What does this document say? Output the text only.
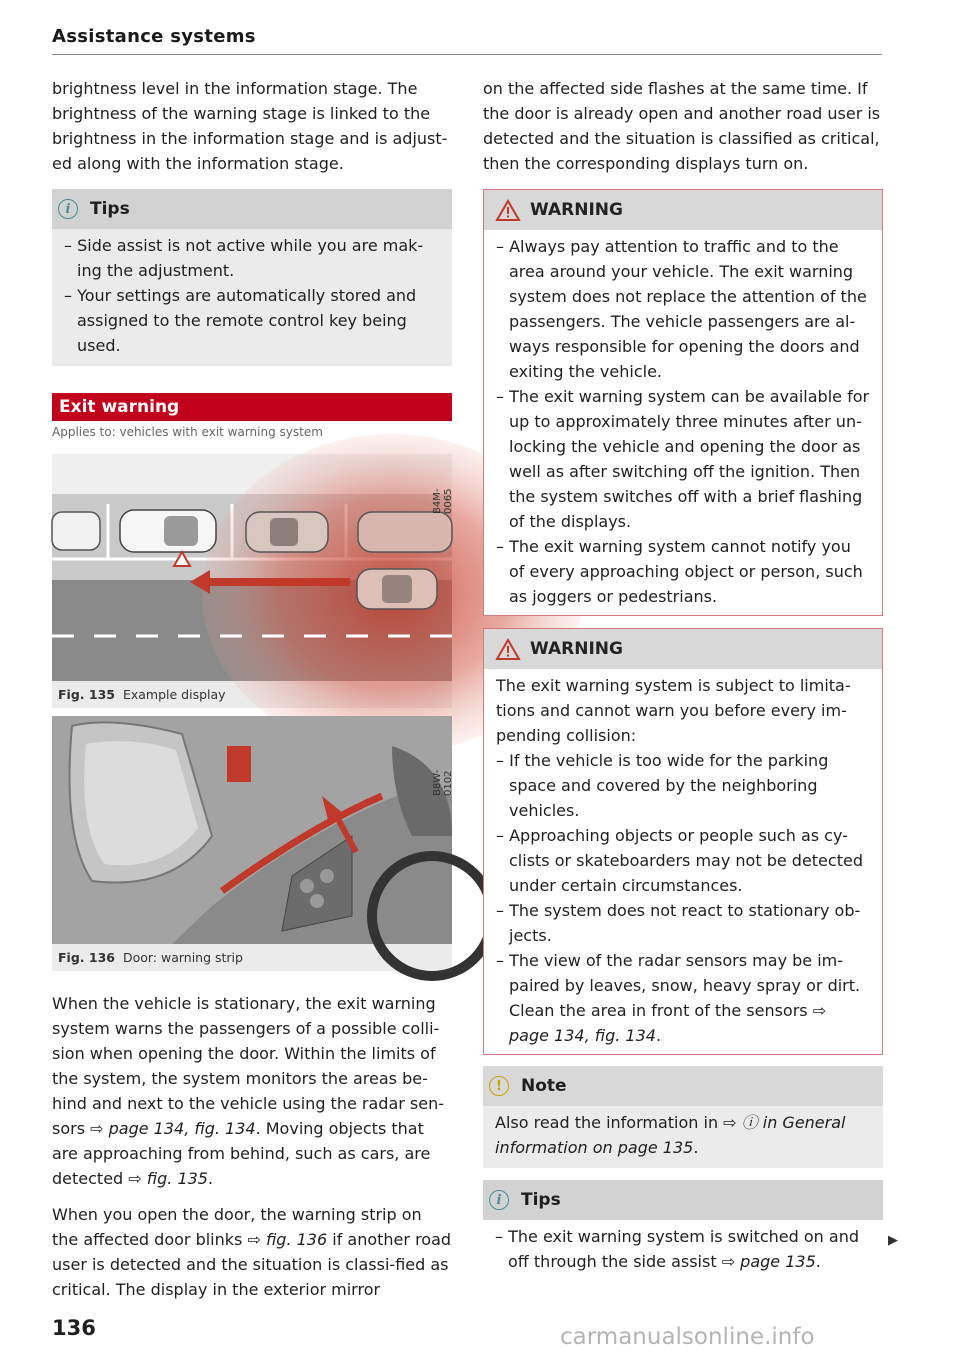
Assistance systems

brightness level in the information stage. The brightness of the warning stage is linked to the brightness in the information stage and is adjust-ed along with the information stage.

i	Tips
– Side assist is not active while you are mak-ing the adjustment.
– Your settings are automatically stored and assigned to the remote control key being used.
Exit warning
Applies to: vehicles with exit warning system
B4M-0065
Fig. 135 Example display
B8W-0102
Fig. 136 Door: warning strip

When the vehicle is stationary, the exit warning system warns the passengers of a possible colli-sion when opening the door. Within the limits of the system, the system monitors the areas be-hind and next to the vehicle using the radar sen-sors ⇨ page 134, fig. 134. Moving objects that are approaching from behind, such as cars, are detected ⇨ fig. 135.

When you open the door, the warning strip on the affected door blinks ⇨ fig. 136 if another road user is detected and the situation is classi-fied as critical. The display in the exterior mirror

on the affected side flashes at the same time. If the door is already open and another road user is detected and the situation is classified as critical, then the corresponding displays turn on.

WARNING
– Always pay attention to traffic and to the area around your vehicle. The exit warning system does not replace the attention of the passengers. The vehicle passengers are al-ways responsible for opening the doors and exiting the vehicle.
– The exit warning system can be available for up to approximately three minutes after un-locking the vehicle and opening the door as well as after switching off the ignition. Then the system switches off with a brief flashing of the displays.
– The exit warning system cannot notify you of every approaching object or person, such as joggers or pedestrians.
WARNING

The exit warning system is subject to limita-tions and cannot warn you before every im-pending collision:

– If the vehicle is too wide for the parking space and covered by the neighboring vehicles.
– Approaching objects or people such as cy-clists or skateboarders may not be detected under certain circumstances.
– The system does not react to stationary ob-jects.
– The view of the radar sensors may be im-paired by leaves, snow, heavy spray or dirt. Clean the area in front of the sensors ⇨ page 134, fig. 134.
!	Note

Also read the information in ⇨ ⓘ in General information on page 135.

i	Tips
– The exit warning system is switched on and off through the side assist ⇨ page 135.
▶
136	carmanualsonline.info
